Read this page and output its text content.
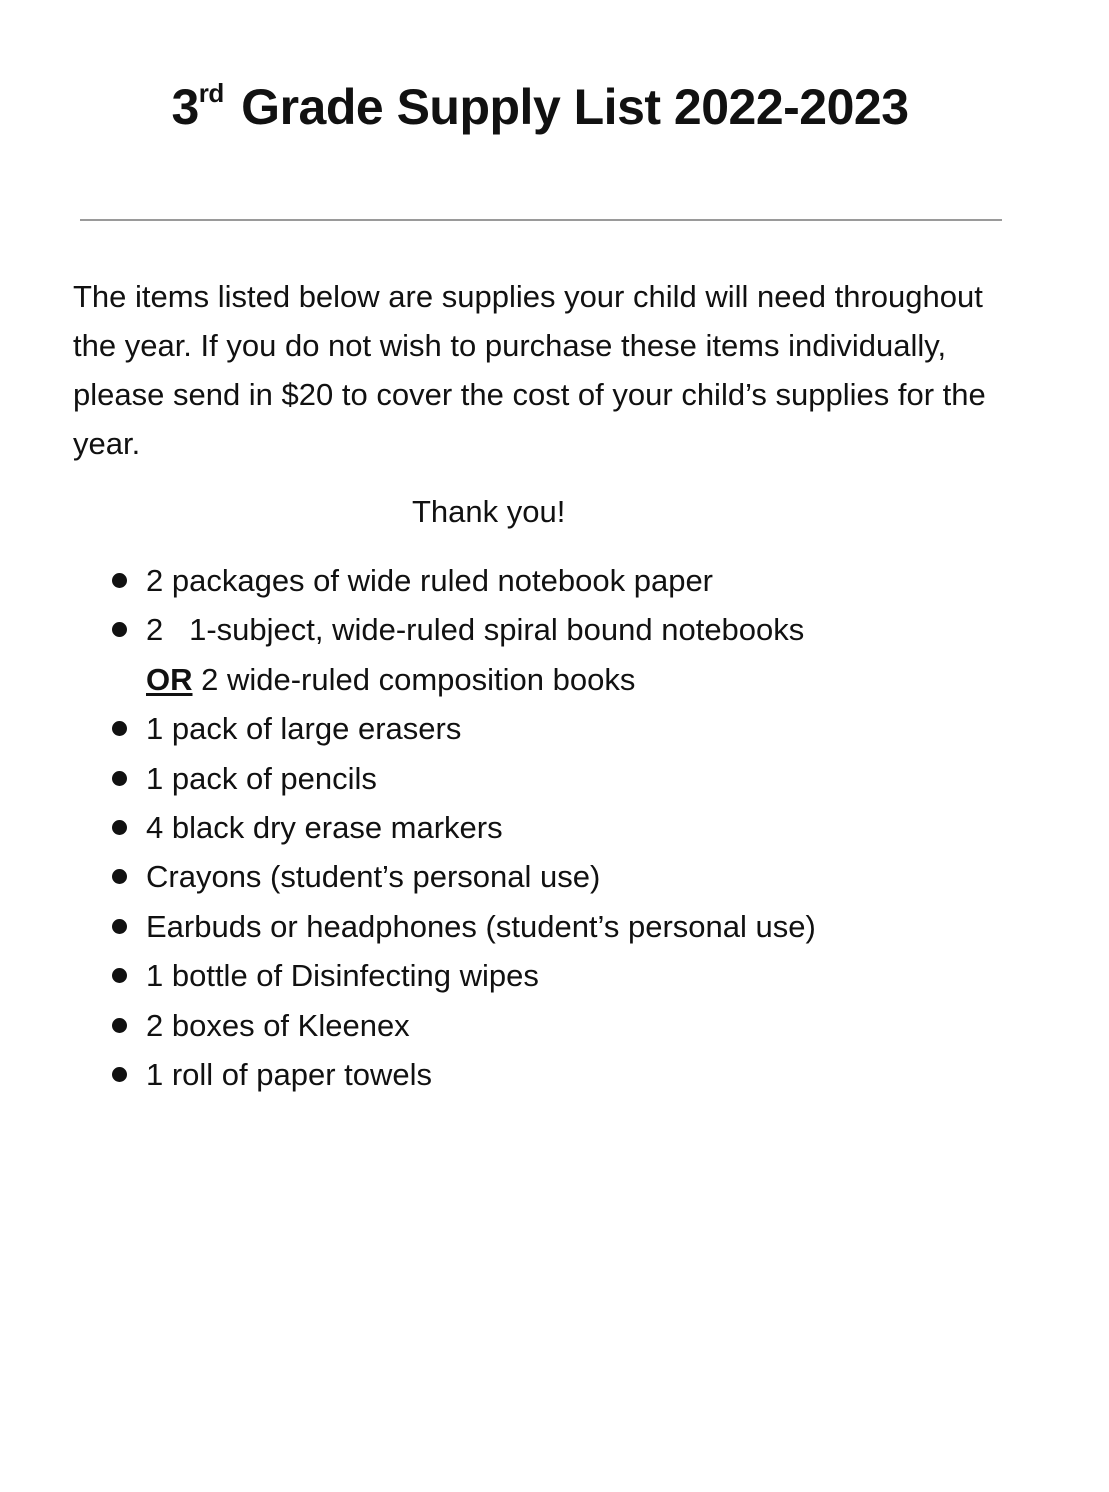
3rd Grade Supply List 2022-2023

The items listed below are supplies your child will need throughout the year. If you do not wish to purchase these items individually, please send in $20 to cover the cost of your child’s supplies for the year.

Thank you!

2 packages of wide ruled notebook paper
2   1-subject, wide-ruled spiral bound notebooks
OR 2 wide-ruled composition books
1 pack of large erasers
1 pack of pencils
4 black dry erase markers
Crayons (student’s personal use)
Earbuds or headphones (student’s personal use)
1 bottle of Disinfecting wipes
2 boxes of Kleenex
1 roll of paper towels
